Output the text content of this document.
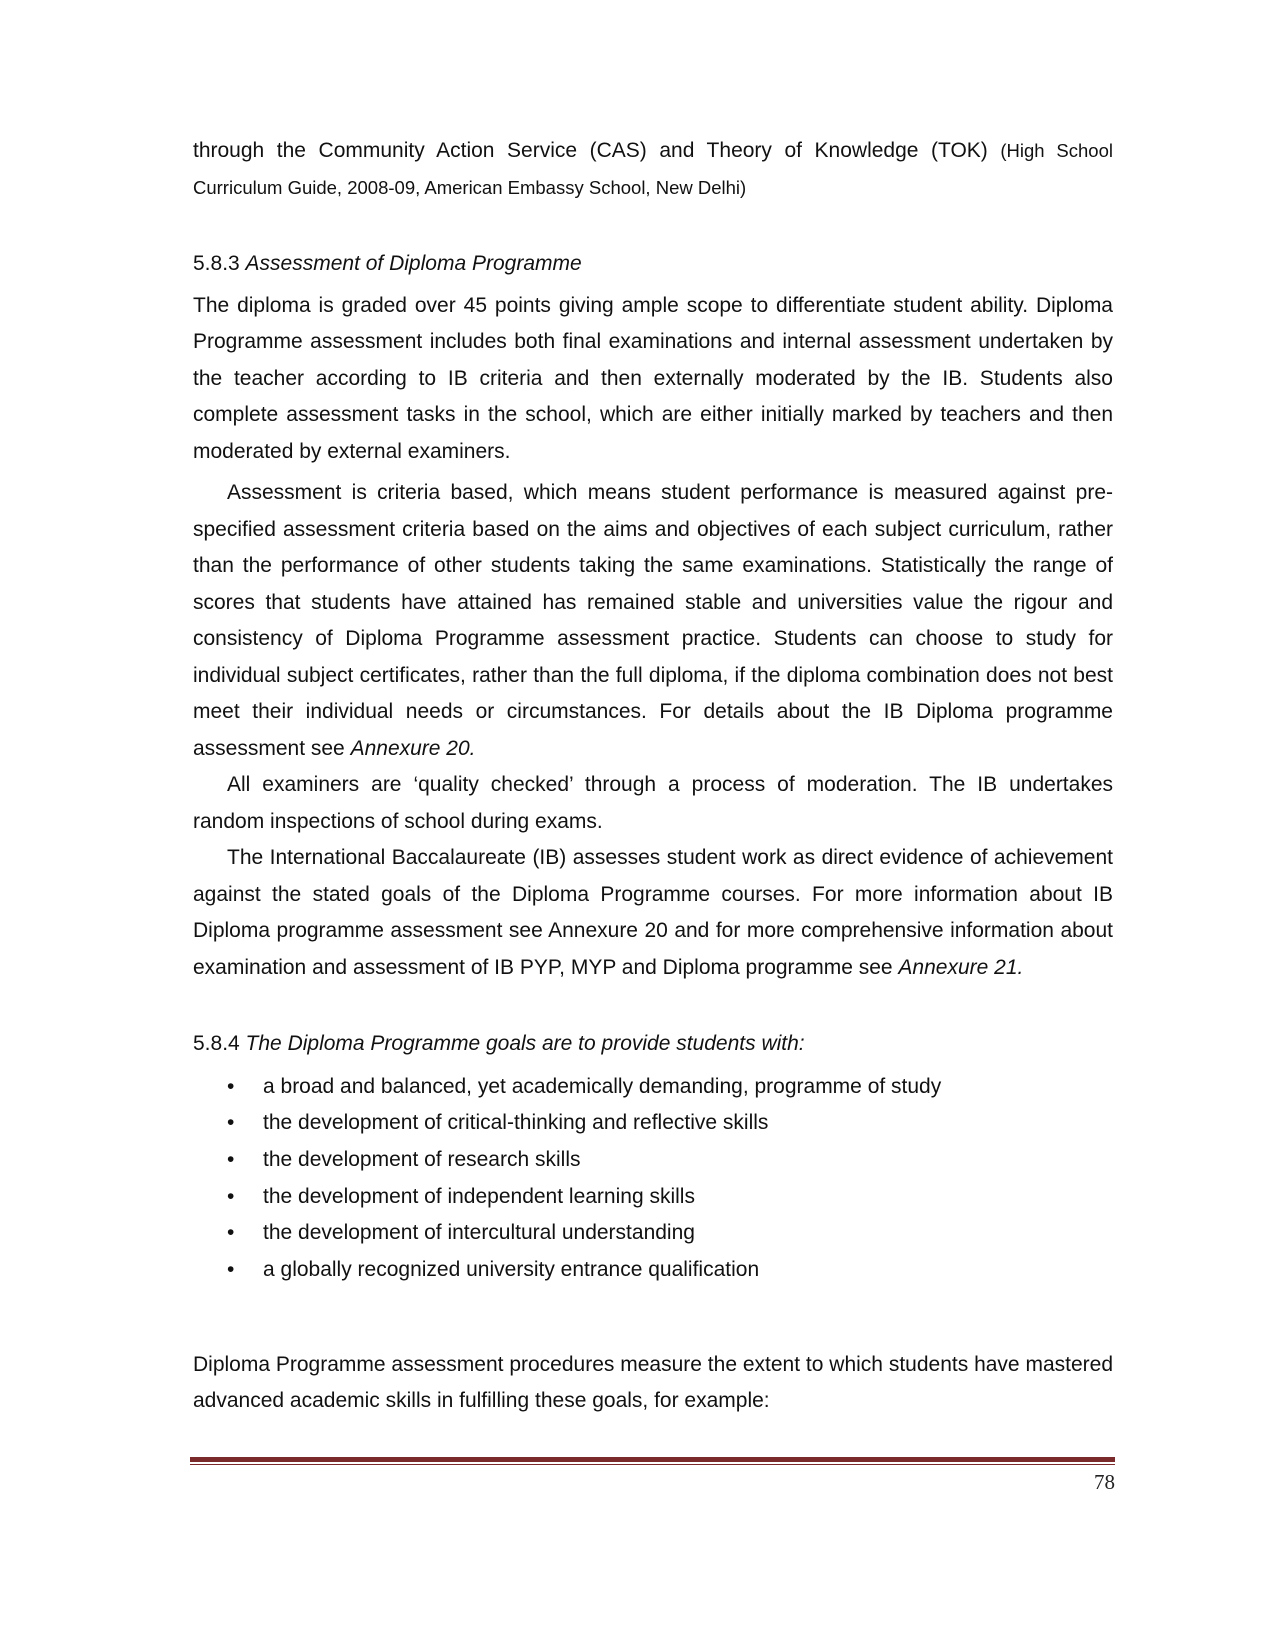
through the Community Action Service (CAS) and Theory of Knowledge (TOK) (High School Curriculum Guide, 2008-09, American Embassy School, New Delhi)

5.8.3 Assessment of Diploma Programme

The diploma is graded over 45 points giving ample scope to differentiate student ability. Diploma Programme assessment includes both final examinations and internal assessment undertaken by the teacher according to IB criteria and then externally moderated by the IB. Students also complete assessment tasks in the school, which are either initially marked by teachers and then moderated by external examiners.

Assessment is criteria based, which means student performance is measured against pre-specified assessment criteria based on the aims and objectives of each subject curriculum, rather than the performance of other students taking the same examinations. Statistically the range of scores that students have attained has remained stable and universities value the rigour and consistency of Diploma Programme assessment practice. Students can choose to study for individual subject certificates, rather than the full diploma, if the diploma combination does not best meet their individual needs or circumstances. For details about the IB Diploma programme assessment see Annexure 20.

All examiners are ‘quality checked’ through a process of moderation. The IB undertakes random inspections of school during exams.

The International Baccalaureate (IB) assesses student work as direct evidence of achievement against the stated goals of the Diploma Programme courses. For more information about IB Diploma programme assessment see Annexure 20 and for more comprehensive information about examination and assessment of IB PYP, MYP and Diploma programme see Annexure 21.

5.8.4 The Diploma Programme goals are to provide students with:

• a broad and balanced, yet academically demanding, programme of study
• the development of critical-thinking and reflective skills
• the development of research skills
• the development of independent learning skills
• the development of intercultural understanding
• a globally recognized university entrance qualification

Diploma Programme assessment procedures measure the extent to which students have mastered advanced academic skills in fulfilling these goals, for example:

78
